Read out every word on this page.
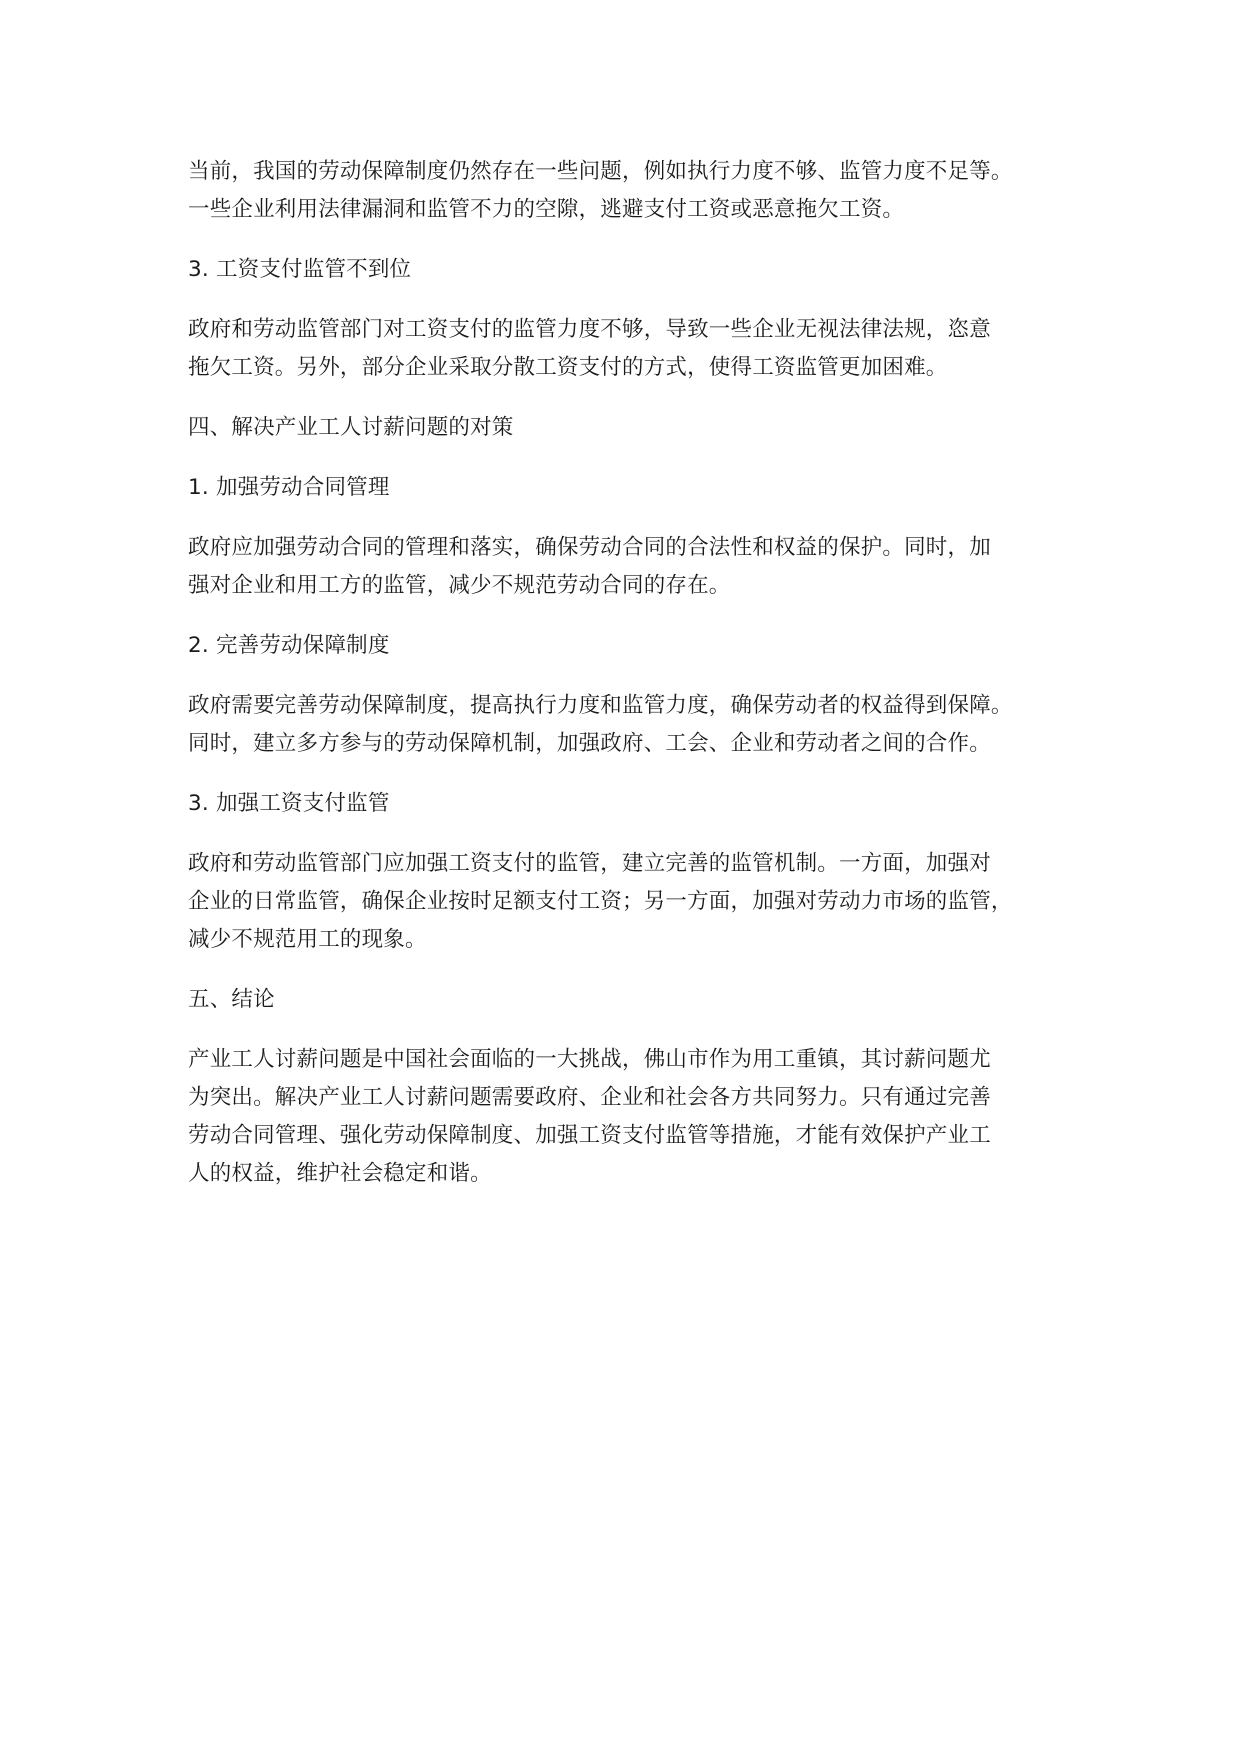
当前，我国的劳动保障制度仍然存在一些问题，例如执行力度不够、监管力度不足等。
一些企业利用法律漏洞和监管不力的空隙，逃避支付工资或恶意拖欠工资。
3. 工资支付监管不到位
政府和劳动监管部门对工资支付的监管力度不够，导致一些企业无视法律法规，恣意
拖欠工资。另外，部分企业采取分散工资支付的方式，使得工资监管更加困难。
四、解决产业工人讨薪问题的对策
1. 加强劳动合同管理
政府应加强劳动合同的管理和落实，确保劳动合同的合法性和权益的保护。同时，加
强对企业和用工方的监管，减少不规范劳动合同的存在。
2. 完善劳动保障制度
政府需要完善劳动保障制度，提高执行力度和监管力度，确保劳动者的权益得到保障。
同时，建立多方参与的劳动保障机制，加强政府、工会、企业和劳动者之间的合作。
3. 加强工资支付监管
政府和劳动监管部门应加强工资支付的监管，建立完善的监管机制。一方面，加强对
企业的日常监管，确保企业按时足额支付工资；另一方面，加强对劳动力市场的监管，
减少不规范用工的现象。
五、结论
产业工人讨薪问题是中国社会面临的一大挑战，佛山市作为用工重镇，其讨薪问题尤
为突出。解决产业工人讨薪问题需要政府、企业和社会各方共同努力。只有通过完善
劳动合同管理、强化劳动保障制度、加强工资支付监管等措施，才能有效保护产业工
人的权益，维护社会稳定和谐。
